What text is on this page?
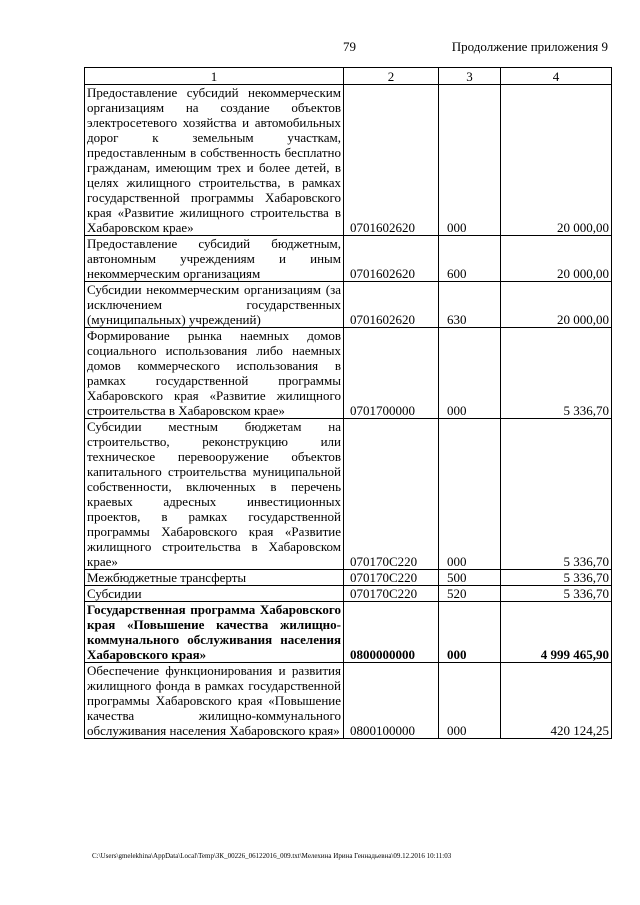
79	Продолжение приложения 9
1	2	3	4
Предоставление субсидий некоммерческим организациям на создание объектов электросетевого хозяйства и автомобильных дорог к земельным участкам, предоставленным в собственность бесплатно гражданам, имеющим трех и более детей, в целях жилищного строительства, в рамках государственной программы Хабаровского края «Развитие жилищного строительства в Хабаровском крае»	0701602620	000	20 000,00
Предоставление субсидий бюджетным, автономным учреждениям и иным некоммерческим организациям	0701602620	600	20 000,00
Субсидии некоммерческим организациям (за исключением государственных (муниципальных) учреждений)	0701602620	630	20 000,00
Формирование рынка наемных домов социального использования либо наемных домов коммерческого использования в рамках государственной программы Хабаровского края «Развитие жилищного строительства в Хабаровском крае»	0701700000	000	5 336,70
Субсидии местным бюджетам на строительство, реконструкцию или техническое перевооружение объектов капитального строительства муниципальной собственности, включенных в перечень краевых адресных инвестиционных проектов, в рамках государственной программы Хабаровского края «Развитие жилищного строительства в Хабаровском крае»	070170С220	000	5 336,70
Межбюджетные трансферты	070170С220	500	5 336,70
Субсидии	070170С220	520	5 336,70
Государственная программа Хабаровского края «Повышение качества жилищно-коммунального обслуживания населения Хабаровского края»	0800000000	000	4 999 465,90
Обеспечение функционирования и развития жилищного фонда в рамках государственной программы Хабаровского края «Повышение качества жилищно-коммунального обслуживания населения Хабаровского края»	0800100000	000	420 124,25
C:\Users\gmelekhina\AppData\Local\Temp\ЗК_00226_06122016_009.txt\Мелехина Ирина Геннадьевна\09.12.2016 10:11:03
